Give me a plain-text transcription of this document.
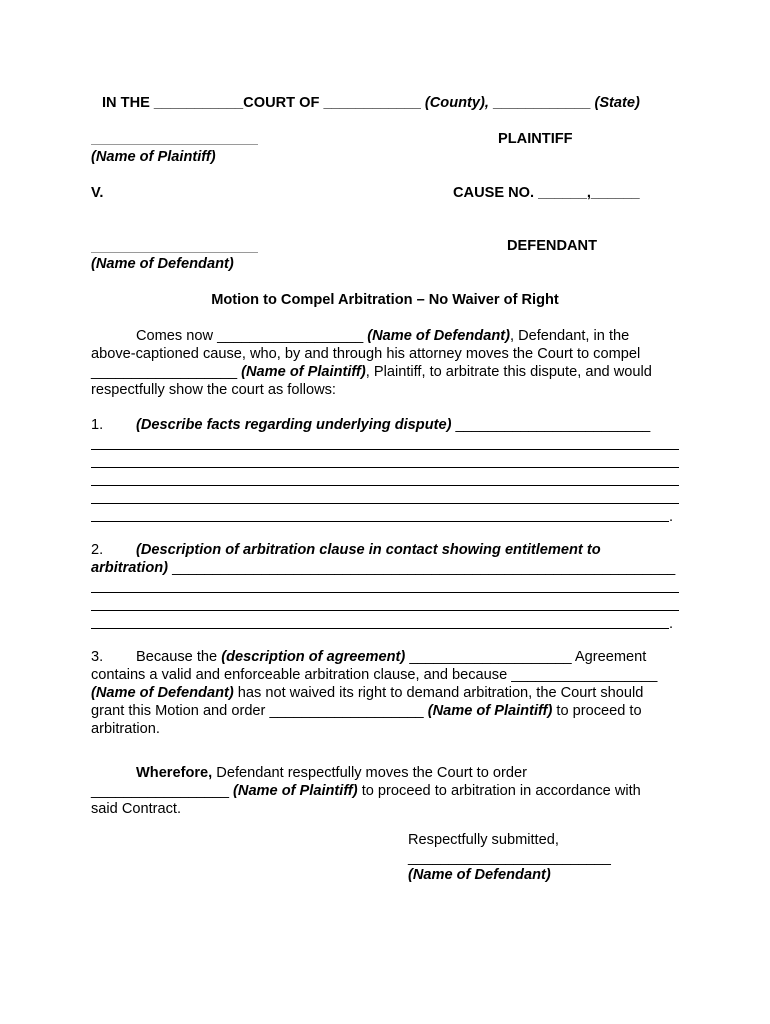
IN THE ___________COURT OF ____________ (County), ____________ (State)
PLAINTIFF
(Name of Plaintiff)
V.	CAUSE NO. ______,______
DEFENDANT
(Name of Defendant)
Motion to Compel Arbitration – No Waiver of Right
Comes now __________________ (Name of Defendant), Defendant, in the
above-captioned cause, who, by and through his attorney moves the Court to compel
__________________ (Name of Plaintiff), Plaintiff, to arbitrate this dispute, and would
respectfully show the court as follows:
1. (Describe facts regarding underlying dispute) ________________________
.
2. (Description of arbitration clause in contact showing entitlement to
arbitration) ______________________________________________________________
.
3. Because the (description of agreement) ____________________ Agreement
contains a valid and enforceable arbitration clause, and because __________________
(Name of Defendant) has not waived its right to demand arbitration, the Court should
grant this Motion and order ___________________ (Name of Plaintiff) to proceed to
arbitration.
Wherefore, Defendant respectfully moves the Court to order
_________________ (Name of Plaintiff) to proceed to arbitration in accordance with
said Contract.
Respectfully submitted,
_________________________
(Name of Defendant)
